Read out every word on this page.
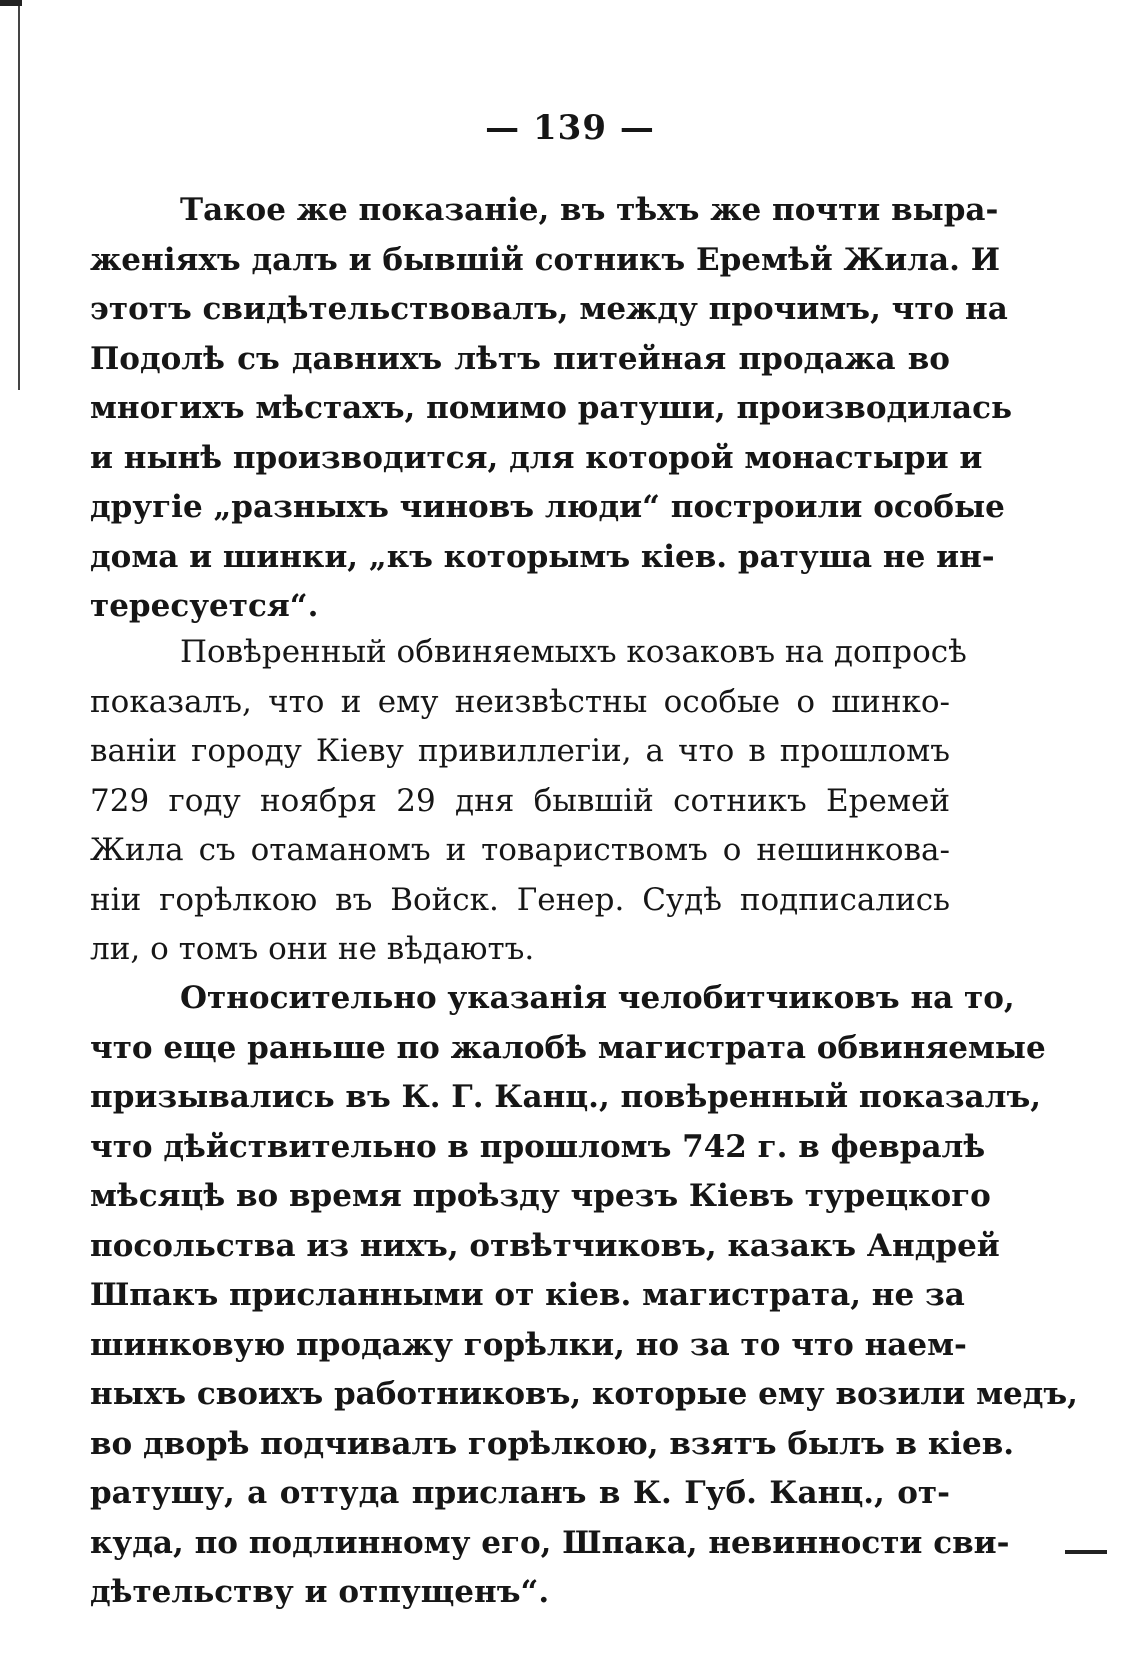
— 139 —
Такое же показаніе, въ тѣхъ же почти выра-
женіяхъ далъ и бывшій сотникъ Еремѣй Жила. И
этотъ свидѣтельствовалъ, между прочимъ, что на
Подолѣ съ давнихъ лѣтъ питейная продажа во
многихъ мѣстахъ, помимо ратуши, производилась
и нынѣ производится, для которой монастыри и
другіе „разныхъ чиновъ люди“ построили особые
дома и шинки, „къ которымъ кіев. ратуша не ин-
тересуется“.
Повѣренный обвиняемыхъ козаковъ на допросѣ
показалъ, что и ему неизвѣстны особые о шинко-
ваніи городу Кіеву привиллегіи, а что в прошломъ
729 году ноября 29 дня бывшій сотникъ Еремей
Жила съ отаманомъ и товариствомъ о нешинкова-
ніи горѣлкою въ Войск. Генер. Судѣ подписались
ли, о томъ они не вѣдаютъ.
Относительно указанія челобитчиковъ на то,
что еще раньше по жалобѣ магистрата обвиняемые
призывались въ К. Г. Канц., повѣренный показалъ,
что дѣйствительно в прошломъ 742 г. в февралѣ
мѣсяцѣ во время проѣзду чрезъ Кіевъ турецкого
посольства из нихъ, отвѣтчиковъ, казакъ Андрей
Шпакъ присланными от кіев. магистрата, не за
шинковую продажу горѣлки, но за то что наем-
ныхъ своихъ работниковъ, которые ему возили медъ,
во дворѣ подчивалъ горѣлкою, взятъ былъ в кіев.
ратушу, а оттуда присланъ в К. Губ. Канц., от-
куда, по подлинному его, Шпака, невинности сви-
дѣтельству и отпущенъ“.
